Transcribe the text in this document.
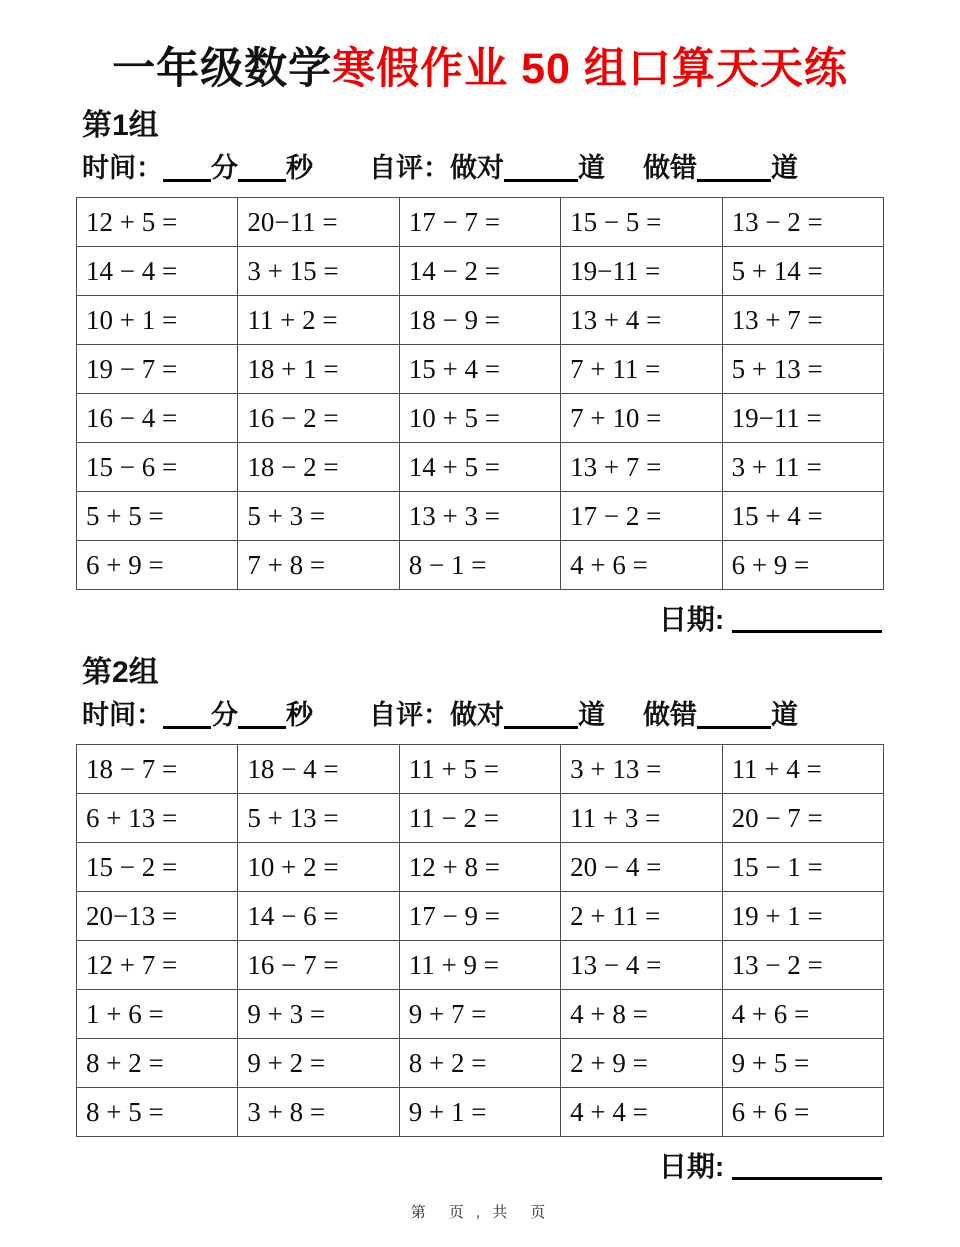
一年级数学寒假作业 50 组口算天天练
第1组
时间： 分 秒 自评：做对	道 做错	道
12 + 5 =	20−11 =	17 − 7 =	15 − 5 =	13 − 2 =
14 − 4 =	3 + 15 =	14 − 2 =	19−11 =	5 + 14 =
10 + 1 =	11 + 2 =	18 − 9 =	13 + 4 =	13 + 7 =
19 − 7 =	18 + 1 =	15 + 4 =	7 + 11 =	5 + 13 =
16 − 4 =	16 − 2 =	10 + 5 =	7 + 10 =	19−11 =
15 − 6 =	18 − 2 =	14 + 5 =	13 + 7 =	3 + 11 =
5 + 5 =	5 + 3 =	13 + 3 =	17 − 2 =	15 + 4 =
6 + 9 =	7 + 8 =	8 − 1 =	4 + 6 =	6 + 9 =
日期:
第2组
时间： 分 秒 自评：做对	道 做错	道
18 − 7 =	18 − 4 =	11 + 5 =	3 + 13 =	11 + 4 =
6 + 13 =	5 + 13 =	11 − 2 =	11 + 3 =	20 − 7 =
15 − 2 =	10 + 2 =	12 + 8 =	20 − 4 =	15 − 1 =
20−13 =	14 − 6 =	17 − 9 =	2 + 11 =	19 + 1 =
12 + 7 =	16 − 7 =	11 + 9 =	13 − 4 =	13 − 2 =
1 + 6 =	9 + 3 =	9 + 7 =	4 + 8 =	4 + 6 =
8 + 2 =	9 + 2 =	8 + 2 =	2 + 9 =	9 + 5 =
8 + 5 =	3 + 8 =	9 + 1 =	4 + 4 =	6 + 6 =
日期:
第　页 , 共　页
